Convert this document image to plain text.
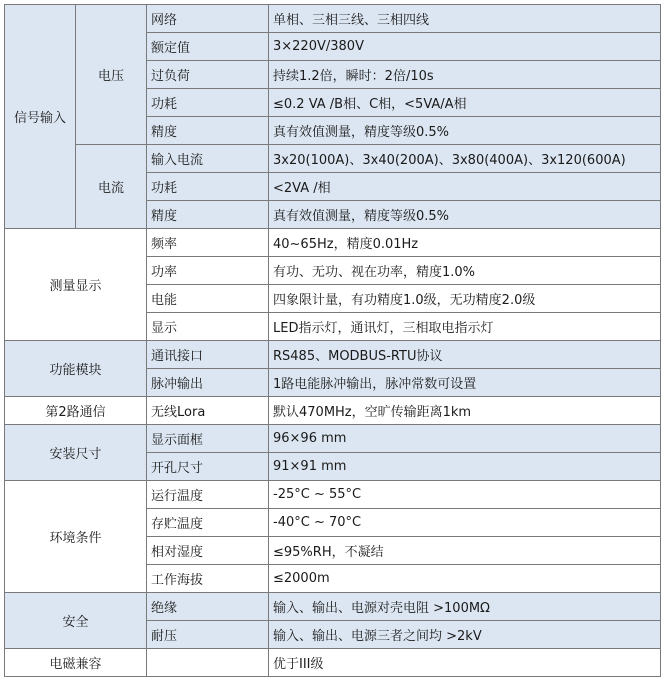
信号输入	电压	网络	单相、三相三线、三相四线
		额定值	3×220V/380V
		过负荷	持续1.2倍，瞬时：2倍/10s
		功耗	≤0.2 VA /B相、C相，<5VA/A相
		精度	真有效值测量，精度等级0.5%
	电流	输入电流	3x20(100A)、3x40(200A)、3x80(400A)、3x120(600A)
		功耗	<2VA /相
		精度	真有效值测量，精度等级0.5%
测量显示		频率	40~65Hz，精度0.01Hz
		功率	有功、无功、视在功率，精度1.0%
		电能	四象限计量，有功精度1.0级，无功精度2.0级
		显示	LED指示灯，通讯灯，三相取电指示灯
功能模块		通讯接口	RS485、MODBUS-RTU协议
		脉冲输出	1路电能脉冲输出，脉冲常数可设置
第2路通信		无线Lora	默认470MHz，空旷传输距离1km
安装尺寸		显示面框	96×96 mm
		开孔尺寸	91×91 mm
环境条件		运行温度	-25°C ~ 55°C
		存贮温度	-40°C ~ 70°C
		相对湿度	≤95%RH，不凝结
		工作海拔	≤2000m
安全		绝缘	输入、输出、电源对壳电阻 >100MΩ
		耐压	输入、输出、电源三者之间均 >2kV
电磁兼容			优于III级
